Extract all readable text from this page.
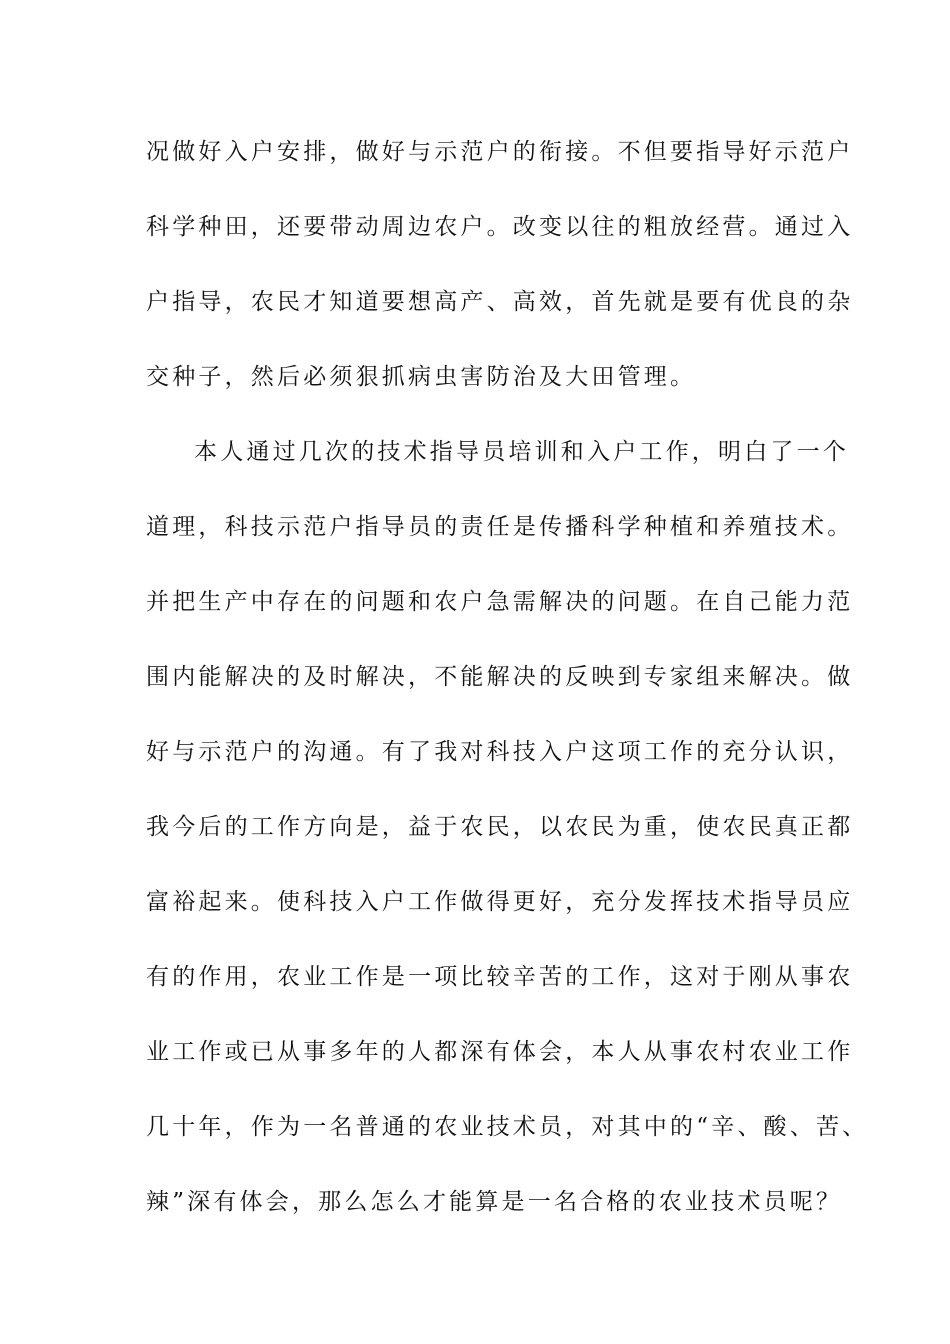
况做好入户安排，做好与示范户的衔接。不但要指导好示范户
科学种田，还要带动周边农户。改变以往的粗放经营。通过入
户指导，农民才知道要想高产、高效，首先就是要有优良的杂
交种子，然后必须狠抓病虫害防治及大田管理。
本人通过几次的技术指导员培训和入户工作，明白了一个
道理，科技示范户指导员的责任是传播科学种植和养殖技术。
并把生产中存在的问题和农户急需解决的问题。在自己能力范
围内能解决的及时解决，不能解决的反映到专家组来解决。做
好与示范户的沟通。有了我对科技入户这项工作的充分认识，
我今后的工作方向是，益于农民，以农民为重，使农民真正都
富裕起来。使科技入户工作做得更好，充分发挥技术指导员应
有的作用，农业工作是一项比较辛苦的工作，这对于刚从事农
业工作或已从事多年的人都深有体会，本人从事农村农业工作
几十年，作为一名普通的农业技术员，对其中的“辛、酸、苦、
辣”深有体会，那么怎么才能算是一名合格的农业技术员呢？
